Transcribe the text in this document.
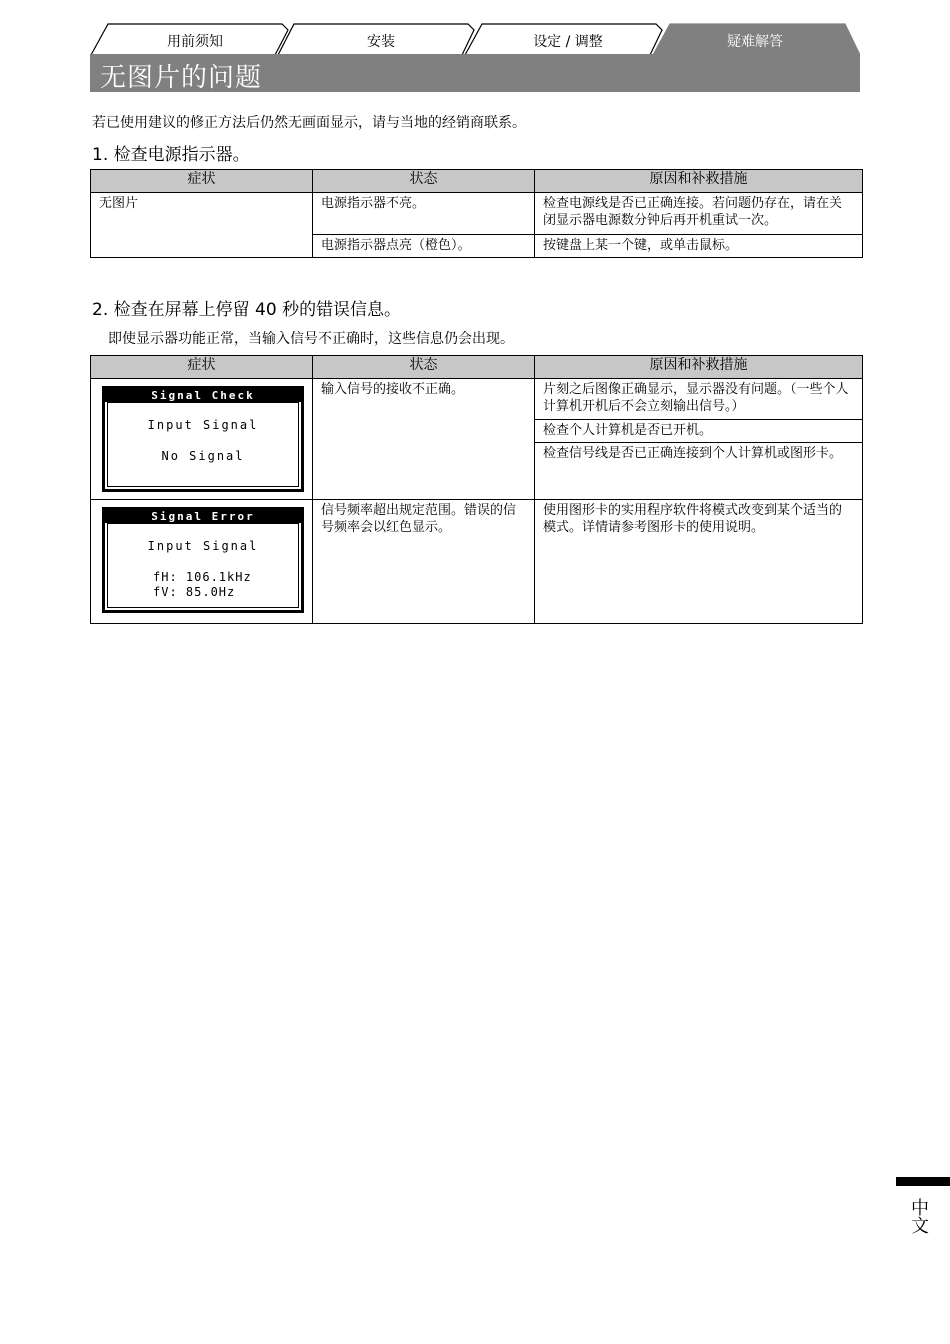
用前须知	安装	设定 / 调整	疑难解答
无图片的问题
若已使用建议的修正方法后仍然无画面显示，请与当地的经销商联系。
1. 检查电源指示器。
症状	状态	原因和补救措施
无图片	电源指示器不亮。	检查电源线是否已正确连接。若问题仍存在，请在关闭显示器电源数分钟后再开机重试一次。
	电源指示器点亮（橙色）。	按键盘上某一个键，或单击鼠标。
2. 检查在屏幕上停留 40 秒的错误信息。
即使显示器功能正常，当输入信号不正确时，这些信息仍会出现。
症状	状态	原因和补救措施

Signal Check
Input Signal
No Signal	输入信号的接收不正确。	片刻之后图像正确显示，显示器没有问题。（一些个人计算机开机后不会立刻输出信号。）
		检查个人计算机是否已开机。
		检查信号线是否已正确连接到个人计算机或图形卡。

Signal Error
Input Signal
fH: 106.1kHz
fV: 85.0Hz	信号频率超出规定范围。错误的信号频率会以红色显示。	使用图形卡的实用程序软件将模式改变到某个适当的模式。详情请参考图形卡的使用说明。
中文
